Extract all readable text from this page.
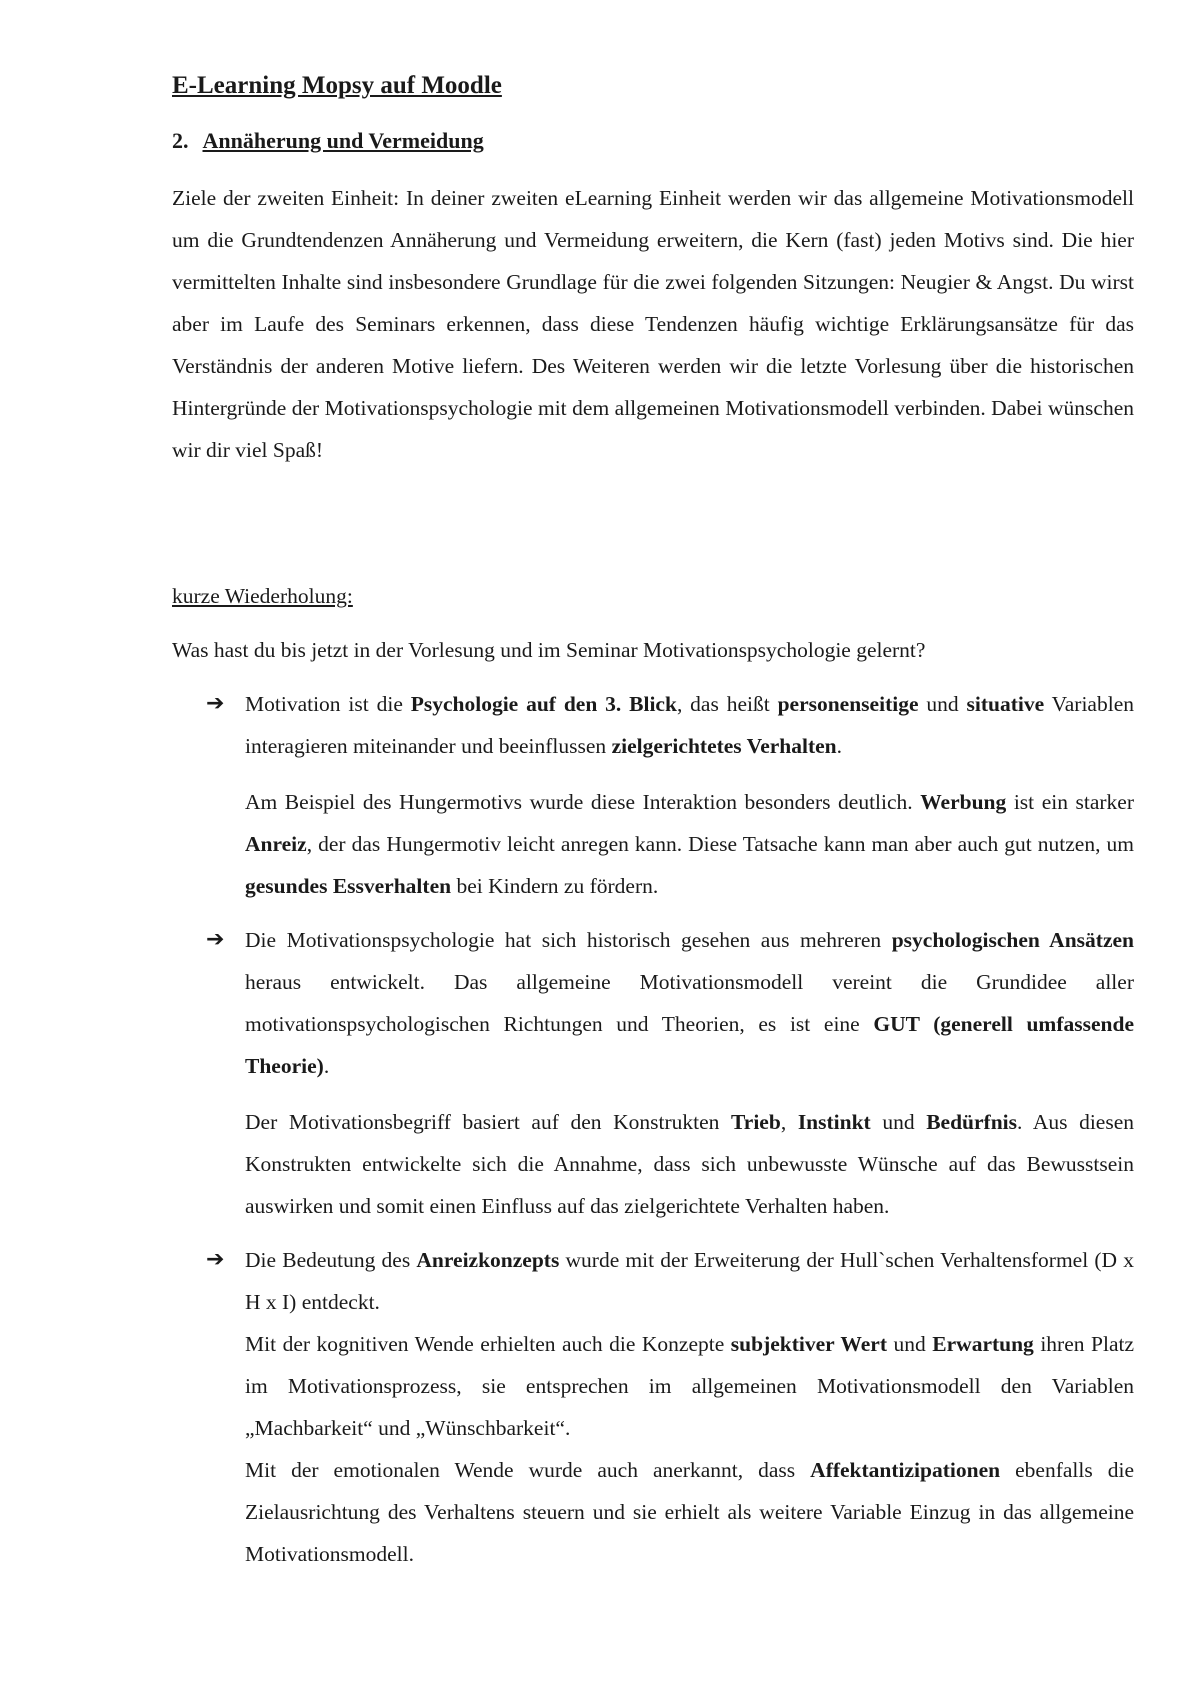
E-Learning Mopsy auf Moodle
2. Annäherung und Vermeidung

Ziele der zweiten Einheit: In deiner zweiten eLearning Einheit werden wir das allgemeine Motivationsmodell um die Grundtendenzen Annäherung und Vermeidung erweitern, die Kern (fast) jeden Motivs sind. Die hier vermittelten Inhalte sind insbesondere Grundlage für die zwei folgenden Sitzungen: Neugier & Angst. Du wirst aber im Laufe des Seminars erkennen, dass diese Tendenzen häufig wichtige Erklärungsansätze für das Verständnis der anderen Motive liefern. Des Weiteren werden wir die letzte Vorlesung über die historischen Hintergründe der Motivationspsychologie mit dem allgemeinen Motivationsmodell verbinden. Dabei wünschen wir dir viel Spaß!

kurze Wiederholung:

Was hast du bis jetzt in der Vorlesung und im Seminar Motivationspsychologie gelernt?

➔ Motivation ist die Psychologie auf den 3. Blick, das heißt personenseitige und situative Variablen interagieren miteinander und beeinflussen zielgerichtetes Verhalten.

Am Beispiel des Hungermotivs wurde diese Interaktion besonders deutlich. Werbung ist ein starker Anreiz, der das Hungermotiv leicht anregen kann. Diese Tatsache kann man aber auch gut nutzen, um gesundes Essverhalten bei Kindern zu fördern.

➔ Die Motivationspsychologie hat sich historisch gesehen aus mehreren psychologischen Ansätzen heraus entwickelt. Das allgemeine Motivationsmodell vereint die Grundidee aller motivationspsychologischen Richtungen und Theorien, es ist eine GUT (generell umfassende Theorie).

Der Motivationsbegriff basiert auf den Konstrukten Trieb, Instinkt und Bedürfnis. Aus diesen Konstrukten entwickelte sich die Annahme, dass sich unbewusste Wünsche auf das Bewusstsein auswirken und somit einen Einfluss auf das zielgerichtete Verhalten haben.

➔ Die Bedeutung des Anreizkonzepts wurde mit der Erweiterung der Hull`schen Verhaltensformel (D x H x I) entdeckt.

Mit der kognitiven Wende erhielten auch die Konzepte subjektiver Wert und Erwartung ihren Platz im Motivationsprozess, sie entsprechen im allgemeinen Motivationsmodell den Variablen „Machbarkeit“ und „Wünschbarkeit“.

Mit der emotionalen Wende wurde auch anerkannt, dass Affektantizipationen ebenfalls die Zielausrichtung des Verhaltens steuern und sie erhielt als weitere Variable Einzug in das allgemeine Motivationsmodell.
